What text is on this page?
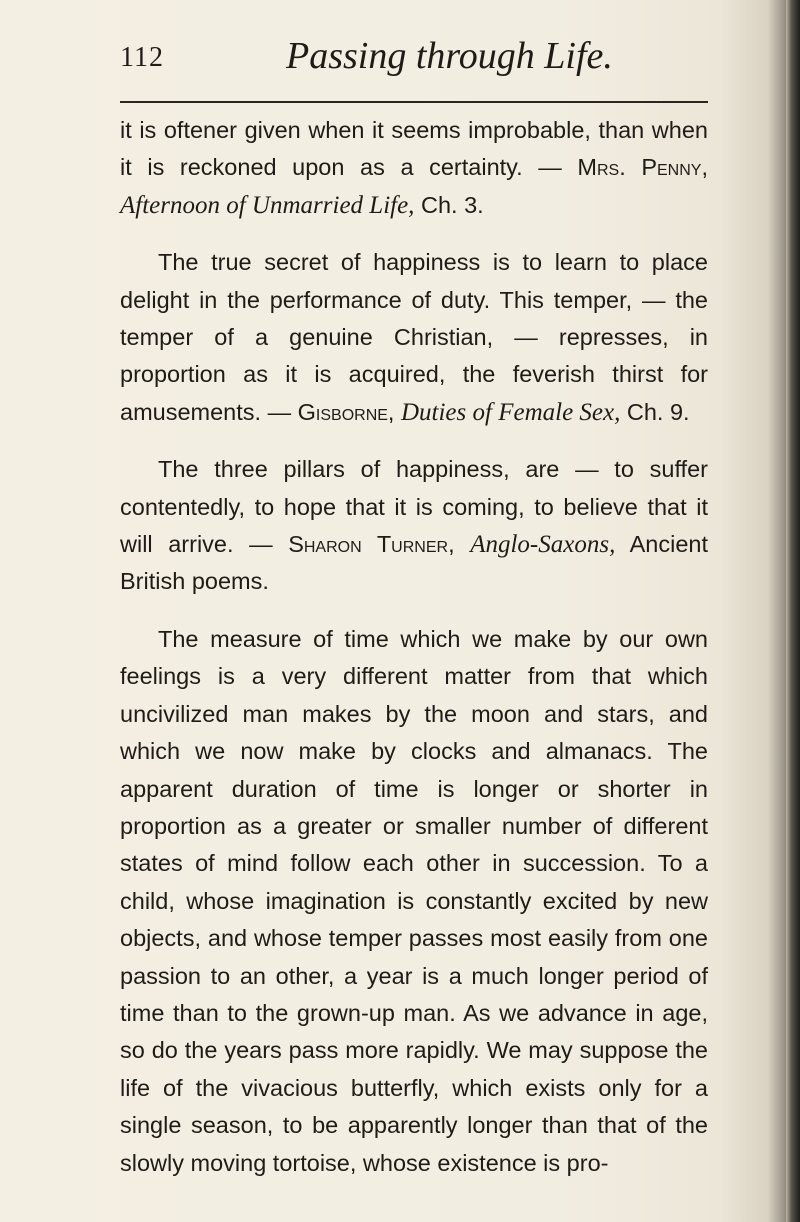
112	Passing through Life.

it is oftener given when it seems improbable, than when it is reckoned upon as a certainty. — Mrs. Penny, Afternoon of Unmarried Life, Ch. 3.

The true secret of happiness is to learn to place delight in the performance of duty. This temper, — the temper of a genuine Christian, — represses, in proportion as it is acquired, the feverish thirst for amusements. — Gisborne, Duties of Female Sex, Ch. 9.

The three pillars of happiness, are — to suffer contentedly, to hope that it is coming, to believe that it will arrive. — Sharon Turner, Anglo-Saxons, Ancient British poems.

The measure of time which we make by our own feelings is a very different matter from that which uncivilized man makes by the moon and stars, and which we now make by clocks and almanacs. The apparent duration of time is longer or shorter in proportion as a greater or smaller number of different states of mind follow each other in succession. To a child, whose imagination is constantly excited by new objects, and whose temper passes most easily from one passion to an other, a year is a much longer period of time than to the grown-up man. As we advance in age, so do the years pass more rapidly. We may suppose the life of the vivacious butterfly, which exists only for a single season, to be apparently longer than that of the slowly moving tortoise, whose existence is pro-
